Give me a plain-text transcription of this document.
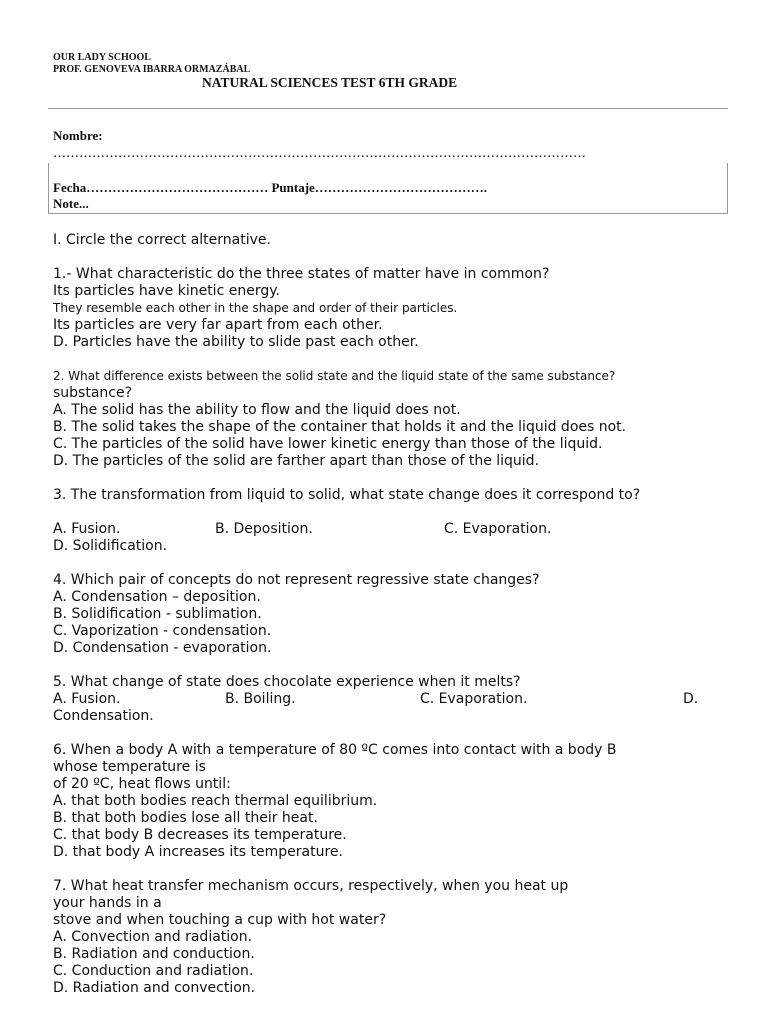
OUR LADY SCHOOL
PROF. GENOVEVA IBARRA ORMAZÁBAL
NATURAL SCIENCES TEST 6TH GRADE
Nombre:
……………………………………………………………………………………………………………
Fecha…………………………………… Puntaje………………………………….
Note...

I. Circle the correct alternative.

1.- What characteristic do the three states of matter have in common?

Its particles have kinetic energy.

They resemble each other in the shape and order of their particles.

Its particles are very far apart from each other.

D. Particles have the ability to slide past each other.

2. What difference exists between the solid state and the liquid state of the same substance?

substance?

A. The solid has the ability to flow and the liquid does not.

B. The solid takes the shape of the container that holds it and the liquid does not.

C. The particles of the solid have lower kinetic energy than those of the liquid.

D. The particles of the solid are farther apart than those of the liquid.

3. The transformation from liquid to solid, what state change does it correspond to?

A. Fusion.	B. Deposition.	C. Evaporation.

D. Solidification.

4. Which pair of concepts do not represent regressive state changes?

A. Condensation – deposition.

B. Solidification - sublimation.

C. Vaporization - condensation.

D. Condensation - evaporation.

5. What change of state does chocolate experience when it melts?

A. Fusion.	B. Boiling.	C. Evaporation.	D.

Condensation.

6. When a body A with a temperature of 80 ºC comes into contact with a body B

whose temperature is

of 20 ºC, heat flows until:

A. that both bodies reach thermal equilibrium.

B. that both bodies lose all their heat.

C. that body B decreases its temperature.

D. that body A increases its temperature.

7. What heat transfer mechanism occurs, respectively, when you heat up

your hands in a

stove and when touching a cup with hot water?

A. Convection and radiation.

B. Radiation and conduction.

C. Conduction and radiation.

D. Radiation and convection.
